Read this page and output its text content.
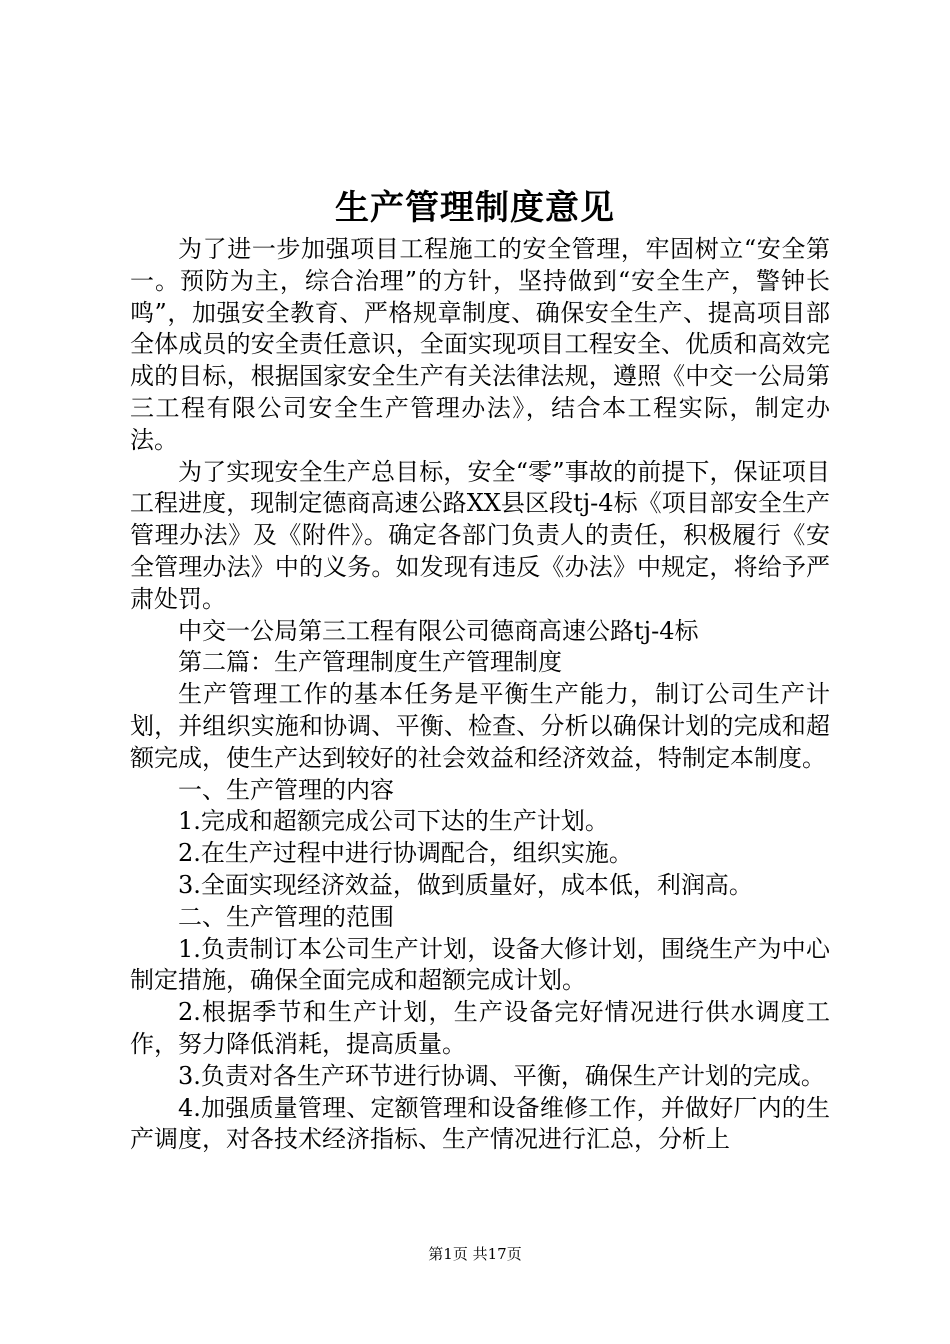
生产管理制度意见

为了进一步加强项目工程施工的安全管理，牢固树立“安全第一。预防为主，综合治理”的方针，坚持做到“安全生产，警钟长鸣”，加强安全教育、严格规章制度、确保安全生产、提高项目部全体成员的安全责任意识，全面实现项目工程安全、优质和高效完成的目标，根据国家安全生产有关法律法规，遵照《中交一公局第三工程有限公司安全生产管理办法》，结合本工程实际，制定办法。

为了实现安全生产总目标，安全“零”事故的前提下，保证项目工程进度，现制定德商高速公路XX县区段tj-4标《项目部安全生产管理办法》及《附件》。确定各部门负责人的责任，积极履行《安全管理办法》中的义务。如发现有违反《办法》中规定，将给予严肃处罚。

中交一公局第三工程有限公司德商高速公路tj-4标

第二篇：生产管理制度生产管理制度

生产管理工作的基本任务是平衡生产能力，制订公司生产计划，并组织实施和协调、平衡、检查、分析以确保计划的完成和超额完成，使生产达到较好的社会效益和经济效益，特制定本制度。

一、生产管理的内容

1.完成和超额完成公司下达的生产计划。

2.在生产过程中进行协调配合，组织实施。

3.全面实现经济效益，做到质量好，成本低，利润高。

二、生产管理的范围

1.负责制订本公司生产计划，设备大修计划，围绕生产为中心制定措施，确保全面完成和超额完成计划。

2.根据季节和生产计划，生产设备完好情况进行供水调度工作，努力降低消耗，提高质量。

3.负责对各生产环节进行协调、平衡，确保生产计划的完成。

4.加强质量管理、定额管理和设备维修工作，并做好厂内的生产调度，对各技术经济指标、生产情况进行汇总，分析上

第1页 共17页
